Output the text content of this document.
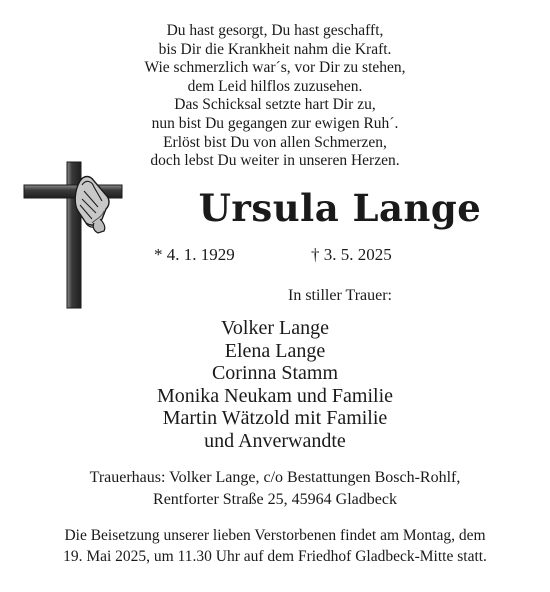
Du hast gesorgt, Du hast geschafft,
bis Dir die Krankheit nahm die Kraft.
Wie schmerzlich war´s, vor Dir zu stehen,
dem Leid hilflos zuzusehen.
Das Schicksal setzte hart Dir zu,
nun bist Du gegangen zur ewigen Ruh´.
Erlöst bist Du von allen Schmerzen,
doch lebst Du weiter in unseren Herzen.
Ursula Lange
* 4. 1. 1929	† 3. 5. 2025
In stiller Trauer:
Volker Lange
Elena Lange
Corinna Stamm
Monika Neukam und Familie
Martin Wätzold mit Familie
und Anverwandte
Trauerhaus: Volker Lange, c/o Bestattungen Bosch-Rohlf,
Rentforter Straße 25, 45964 Gladbeck
Die Beisetzung unserer lieben Verstorbenen findet am Montag, dem
19. Mai 2025, um 11.30 Uhr auf dem Friedhof Gladbeck-Mitte statt.
